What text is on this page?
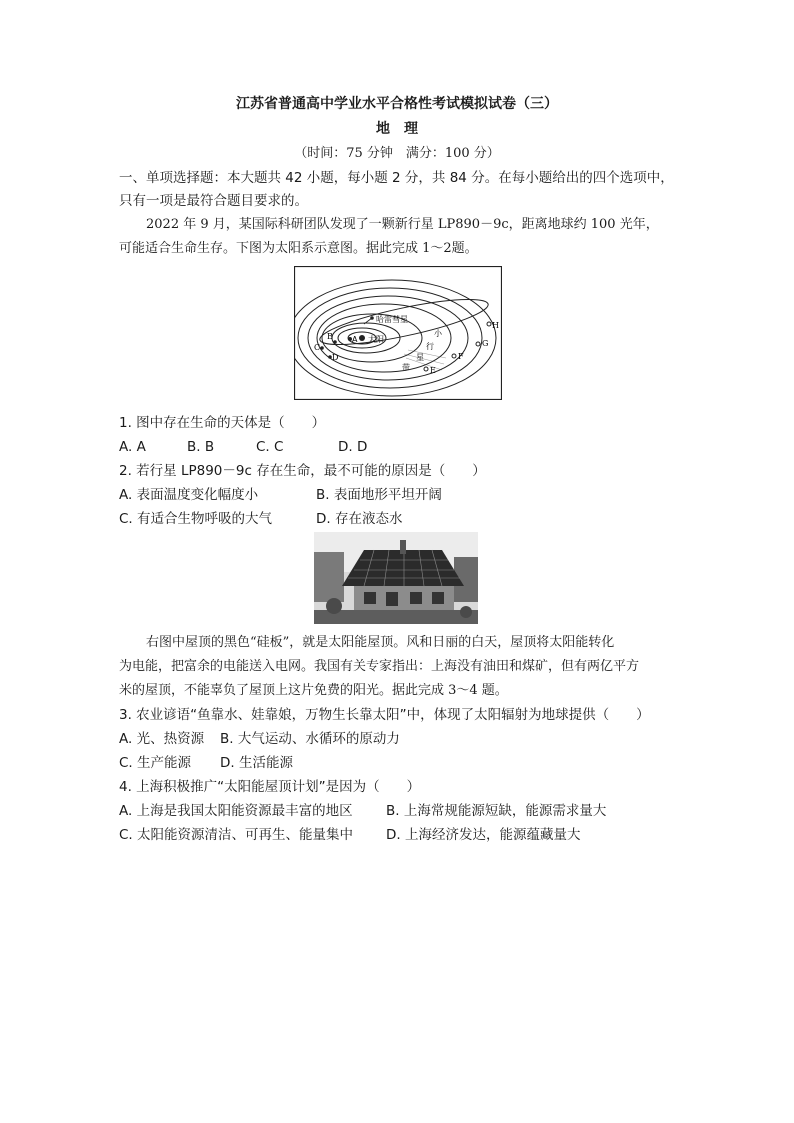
江苏省普通高中学业水平合格性考试模拟试卷（三）
地　理
（时间：75 分钟　满分：100 分）
一、单项选择题：本大题共 42 小题，每小题 2 分，共 84 分。在每小题给出的四个选项中，
只有一项是最符合题目要求的。
2022 年 9 月，某国际科研团队发现了一颗新行星 LP890－9c，距离地球约 100 光年，
可能适合生命生存。下图为太阳系示意图。据此完成 1～2题。
太阳
A
B
C
D
E
F
G
H
哈雷彗星
小
行
星
带
1. 图中存在生命的天体是（　　）
A. A	B. B	C. C	D. D
2. 若行星 LP890－9c 存在生命，最不可能的原因是（　　）
A. 表面温度变化幅度小	B. 表面地形平坦开阔
C. 有适合生物呼吸的大气	D. 存在液态水
右图中屋顶的黑色“硅板”，就是太阳能屋顶。风和日丽的白天，屋顶将太阳能转化
为电能，把富余的电能送入电网。我国有关专家指出：上海没有油田和煤矿，但有两亿平方
米的屋顶，不能辜负了屋顶上这片免费的阳光。据此完成 3～4 题。
3. 农业谚语“鱼靠水、娃靠娘，万物生长靠太阳”中，体现了太阳辐射为地球提供（　　）
A. 光、热资源 B. 大气运动、水循环的原动力
C. 生产能源 D. 生活能源
4. 上海积极推广“太阳能屋顶计划”是因为（　　）
A. 上海是我国太阳能资源最丰富的地区 B. 上海常规能源短缺，能源需求量大
C. 太阳能资源清洁、可再生、能量集中 D. 上海经济发达，能源蕴藏量大
